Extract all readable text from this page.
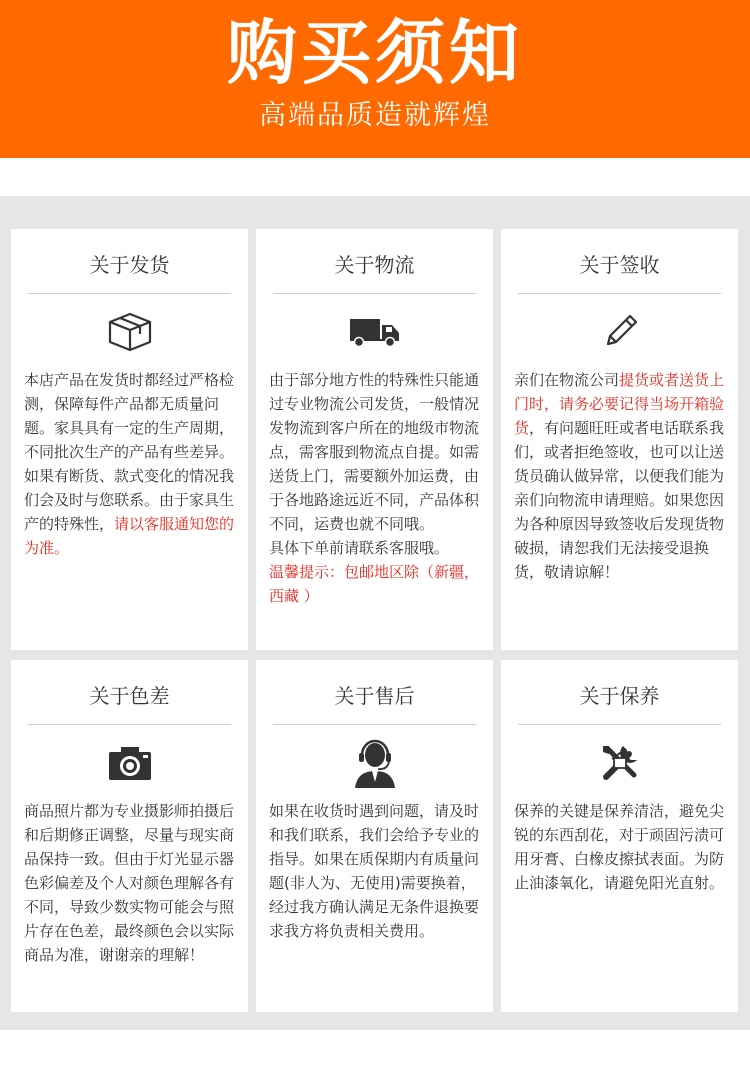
购买须知
高端品质造就辉煌
关于发货
本店产品在发货时都经过严格检测，保障每件产品都无质量问题。家具具有一定的生产周期，不同批次生产的产品有些差异。如果有断货、款式变化的情况我们会及时与您联系。由于家具生产的特殊性，请以客服通知您的为准。
关于物流

由于部分地方性的特殊性只能通过专业物流公司发货，一般情况发物流到客户所在的地级市物流点，需客服到物流点自提。如需送货上门，需要额外加运费，由于各地路途远近不同，产品体积不同，运费也就不同哦。

具体下单前请联系客服哦。

温馨提示：包邮地区除（新疆，西藏 ）

关于签收
亲们在物流公司提货或者送货上门时，请务必要记得当场开箱验货，有问题旺旺或者电话联系我们，或者拒绝签收，也可以让送货员确认做异常，以便我们能为亲们向物流申请理赔。如果您因为各种原因导致签收后发现货物破损，请恕我们无法接受退换货，敬请谅解！
关于色差

商品照片都为专业摄影师拍摄后和后期修正调整，尽量与现实商品保持一致。但由于灯光显示器色彩偏差及个人对颜色理解各有不同，导致少数实物可能会与照片存在色差，最终颜色会以实际商品为准，谢谢亲的理解！

关于售后

如果在收货时遇到问题，请及时和我们联系，我们会给予专业的指导。如果在质保期内有质量问题(非人为、无使用)需要换着，经过我方确认满足无条件退换要求我方将负责相关费用。

关于保养

保养的关键是保养清洁，避免尖锐的东西刮花，对于顽固污渍可用牙膏、白橡皮擦拭表面。为防止油漆氧化，请避免阳光直射。
